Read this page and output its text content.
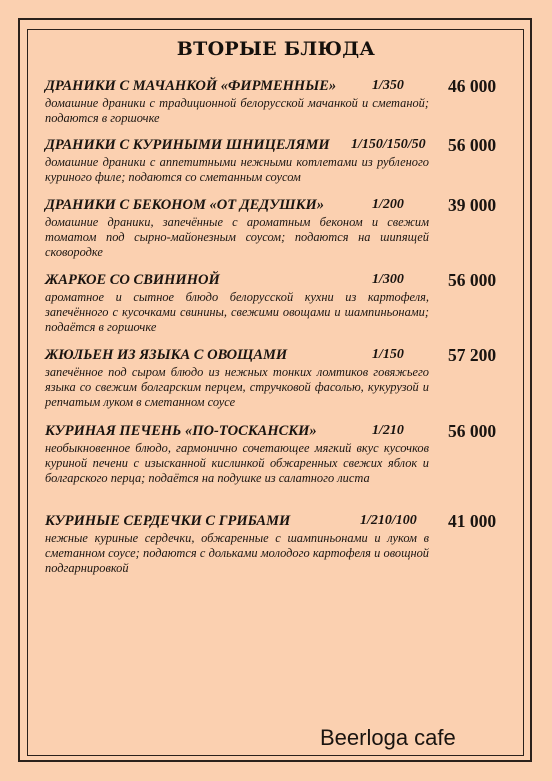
ВТОРЫЕ БЛЮДА
ДРАНИКИ С МАЧАНКОЙ «ФИРМЕННЫЕ»	1/350	46 000
домашние драники с традиционной белорусской мачанкой и сметаной; подаются в горшочке
ДРАНИКИ С КУРИНЫМИ ШНИЦЕЛЯМИ 1/150/150/50 56 000
домашние драники с аппетитными нежными котлетами из рубленого куриного филе; подаются со сметанным соусом
ДРАНИКИ С БЕКОНОМ «ОТ ДЕДУШКИ»	1/200	39 000
домашние драники, запечённые с ароматным беконом и свежим томатом под сырно-майонезным соусом; подаются на шипящей сковородке
ЖАРКОЕ СО СВИНИНОЙ	1/300	56 000
ароматное и сытное блюдо белорусской кухни из картофеля, запечённого с кусочками свинины, свежими овощами и шампиньонами; подаётся в горшочке
ЖЮЛЬЕН ИЗ ЯЗЫКА С ОВОЩАМИ	1/150	57 200
запечённое под сыром блюдо из нежных тонких ломтиков говяжьего языка со свежим болгарским перцем, стручковой фасолью, кукурузой и репчатым луком в сметанном соусе
КУРИНАЯ ПЕЧЕНЬ «ПО-ТОСКАНСКИ»	1/210	56 000
необыкновенное блюдо, гармонично сочетающее мягкий вкус кусочков куриной печени с изысканной кислинкой обжаренных свежих яблок и болгарского перца; подаётся на подушке из салатного листа
КУРИНЫЕ СЕРДЕЧКИ С ГРИБАМИ	1/210/100 41 000
нежные куриные сердечки, обжаренные с шампиньонами и луком в сметанном соусе; подаются с дольками молодого картофеля и овощной подгарнировкой
Beerloga cafe
